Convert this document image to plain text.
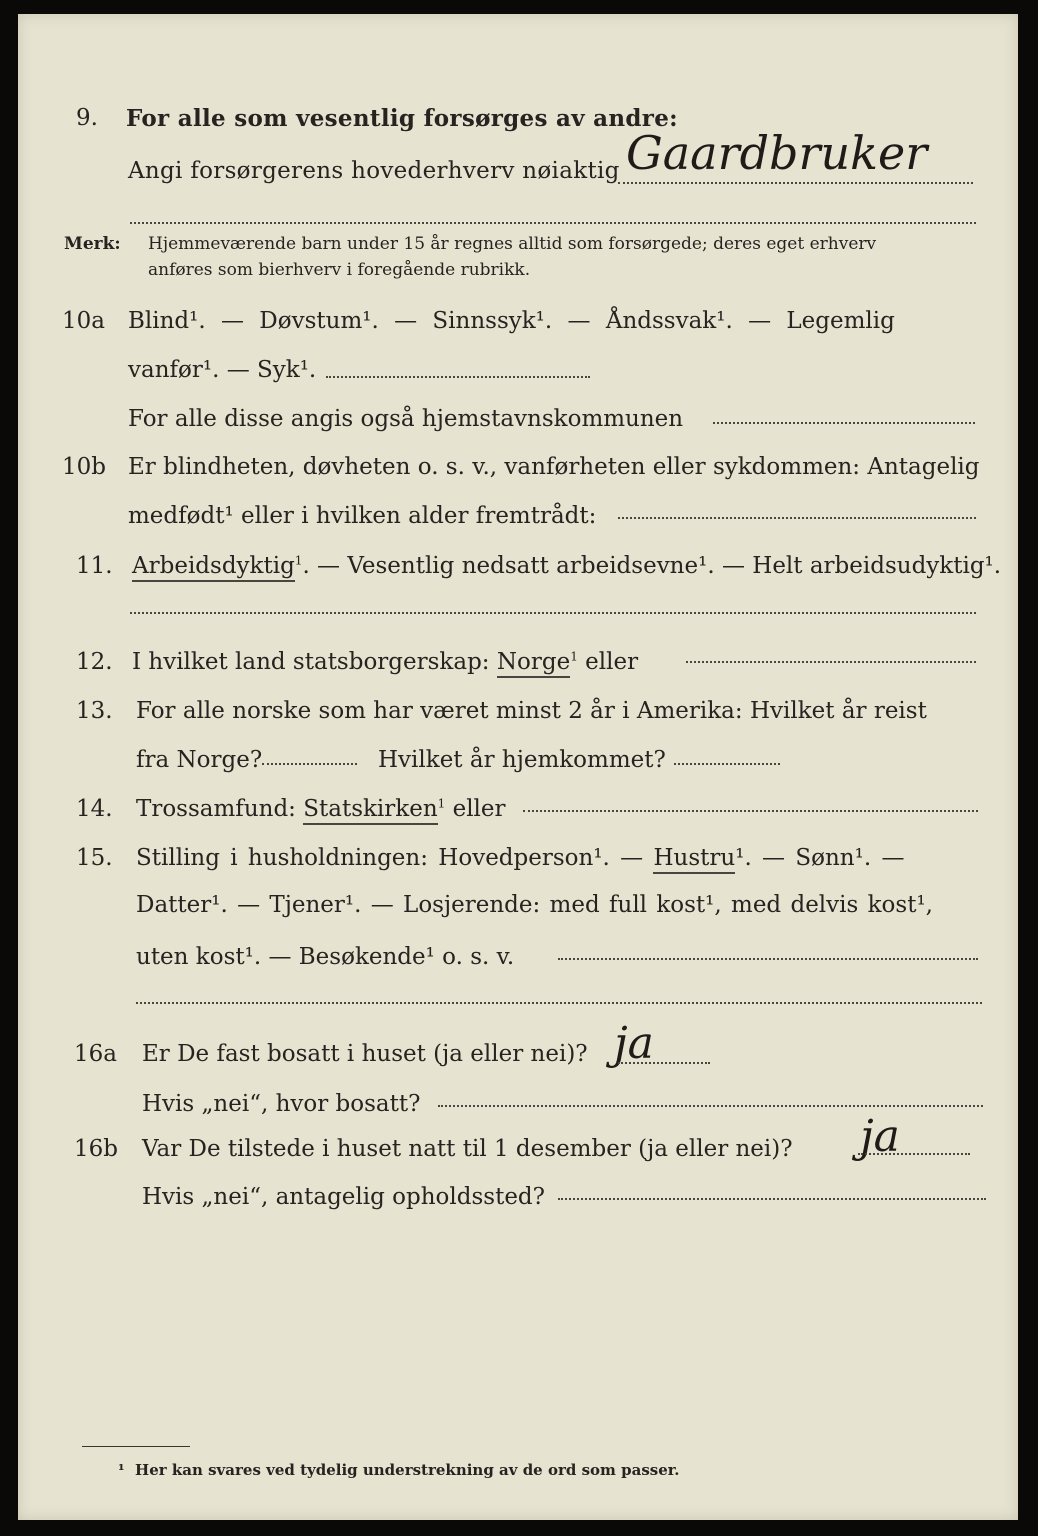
9. For alle som vesentlig forsørges av andre:
Angi forsørgerens hovederhverv nøiaktig Gaardbruker
Merk: Hjemmeværende barn under 15 år regnes alltid som forsørgede; deres eget erhverv
anføres som bierhverv i foregående rubrikk.
10a Blind¹. — Døvstum¹. — Sinnssyk¹. — Åndssvak¹. — Legemlig
vanfør¹. — Syk¹.
For alle disse angis også hjemstavnskommunen
10b Er blindheten, døvheten o. s. v., vanførheten eller sykdommen: Antagelig
medfødt¹ eller i hvilken alder fremtrådt:
11. Arbeidsdyktig$^1$. — Vesentlig nedsatt arbeidsevne¹. — Helt arbeidsudyktig¹.
12. I hvilket land statsborgerskap: Norge$^1$ eller
13. For alle norske som har været minst 2 år i Amerika: Hvilket år reist
fra Norge?	Hvilket år hjemkommet?
14. Trossamfund: Statskirken$^1$ eller
15. Stilling i husholdningen: Hovedperson¹. — Hustru¹. — Sønn¹. —
Datter¹. — Tjener¹. — Losjerende: med full kost¹, med delvis kost¹,
uten kost¹. — Besøkende¹ o. s. v.
16a Er De fast bosatt i huset (ja eller nei)? ja
Hvis „nei“, hvor bosatt?
16b Var De tilstede i huset natt til 1 desember (ja eller nei)? ja
Hvis „nei“, antagelig opholdssted?
¹ Her kan svares ved tydelig understrekning av de ord som passer.
